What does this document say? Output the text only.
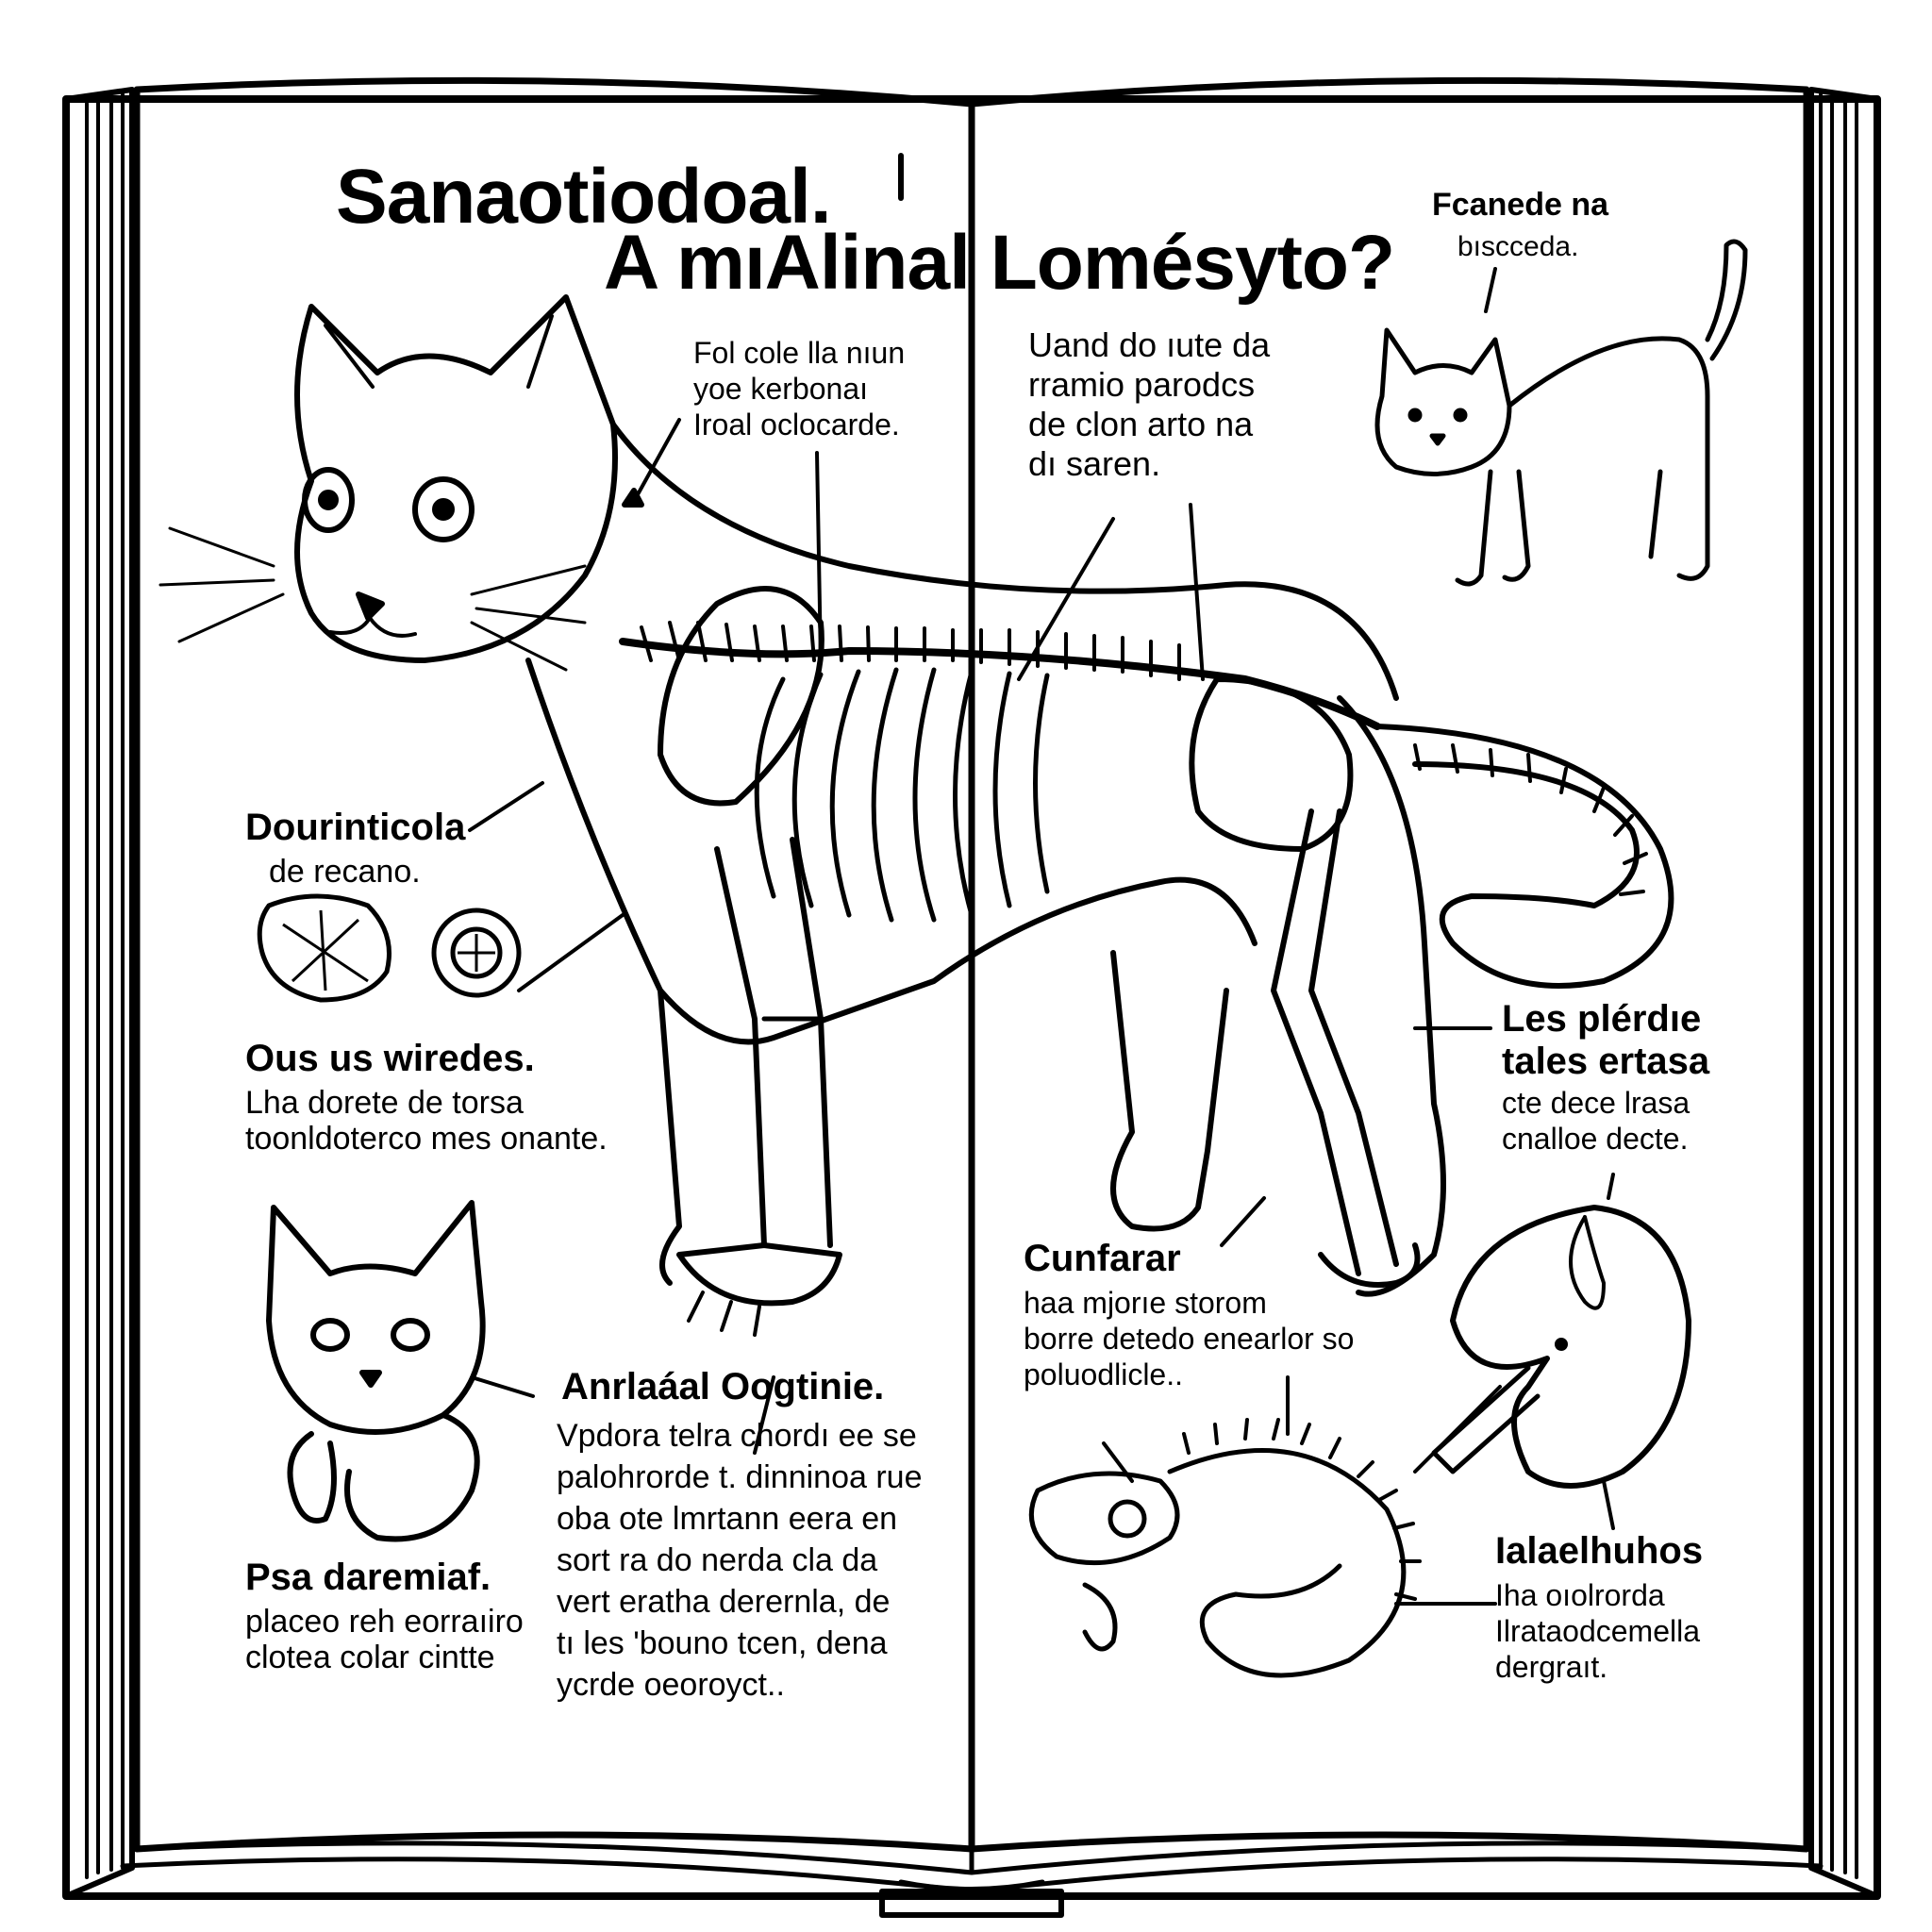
Sanaotiodoal.
A mıAlinal Lomésyto?
Fol cole lla nıun
yoe kerbonaı
Iroal oclocarde.
Uand do ıute da
rramio parodcs
de clon arto na
dı saren.
Fcanede na
bıscceda.
Dourinticola
de recano.
Ous us wiredes.
Lha dorete de torsa
toonldoterco mes onante.
Psa daremiaf.
placeo reh eorraıiro
clotea colar cintte
Anrlaáal Oogtinie.
Vpdora telra chordı ee se
palohrorde t. dinninoa rue
oba ote lmrtann eera en
sort ra do nerda cla da
vert eratha derernla, de
tı les 'bouno tcen, dena
ycrde oeoroyct..
Cunfarar
haa mjorıe storom
borre detedo enearlor so
poluodlicle..
Les plérdıe
tales ertasa
cte dece lrasa
cnalloe decte.
Ialaelhuhos
Iha oıolrorda
Ilrataodcemella
dergraıt.
